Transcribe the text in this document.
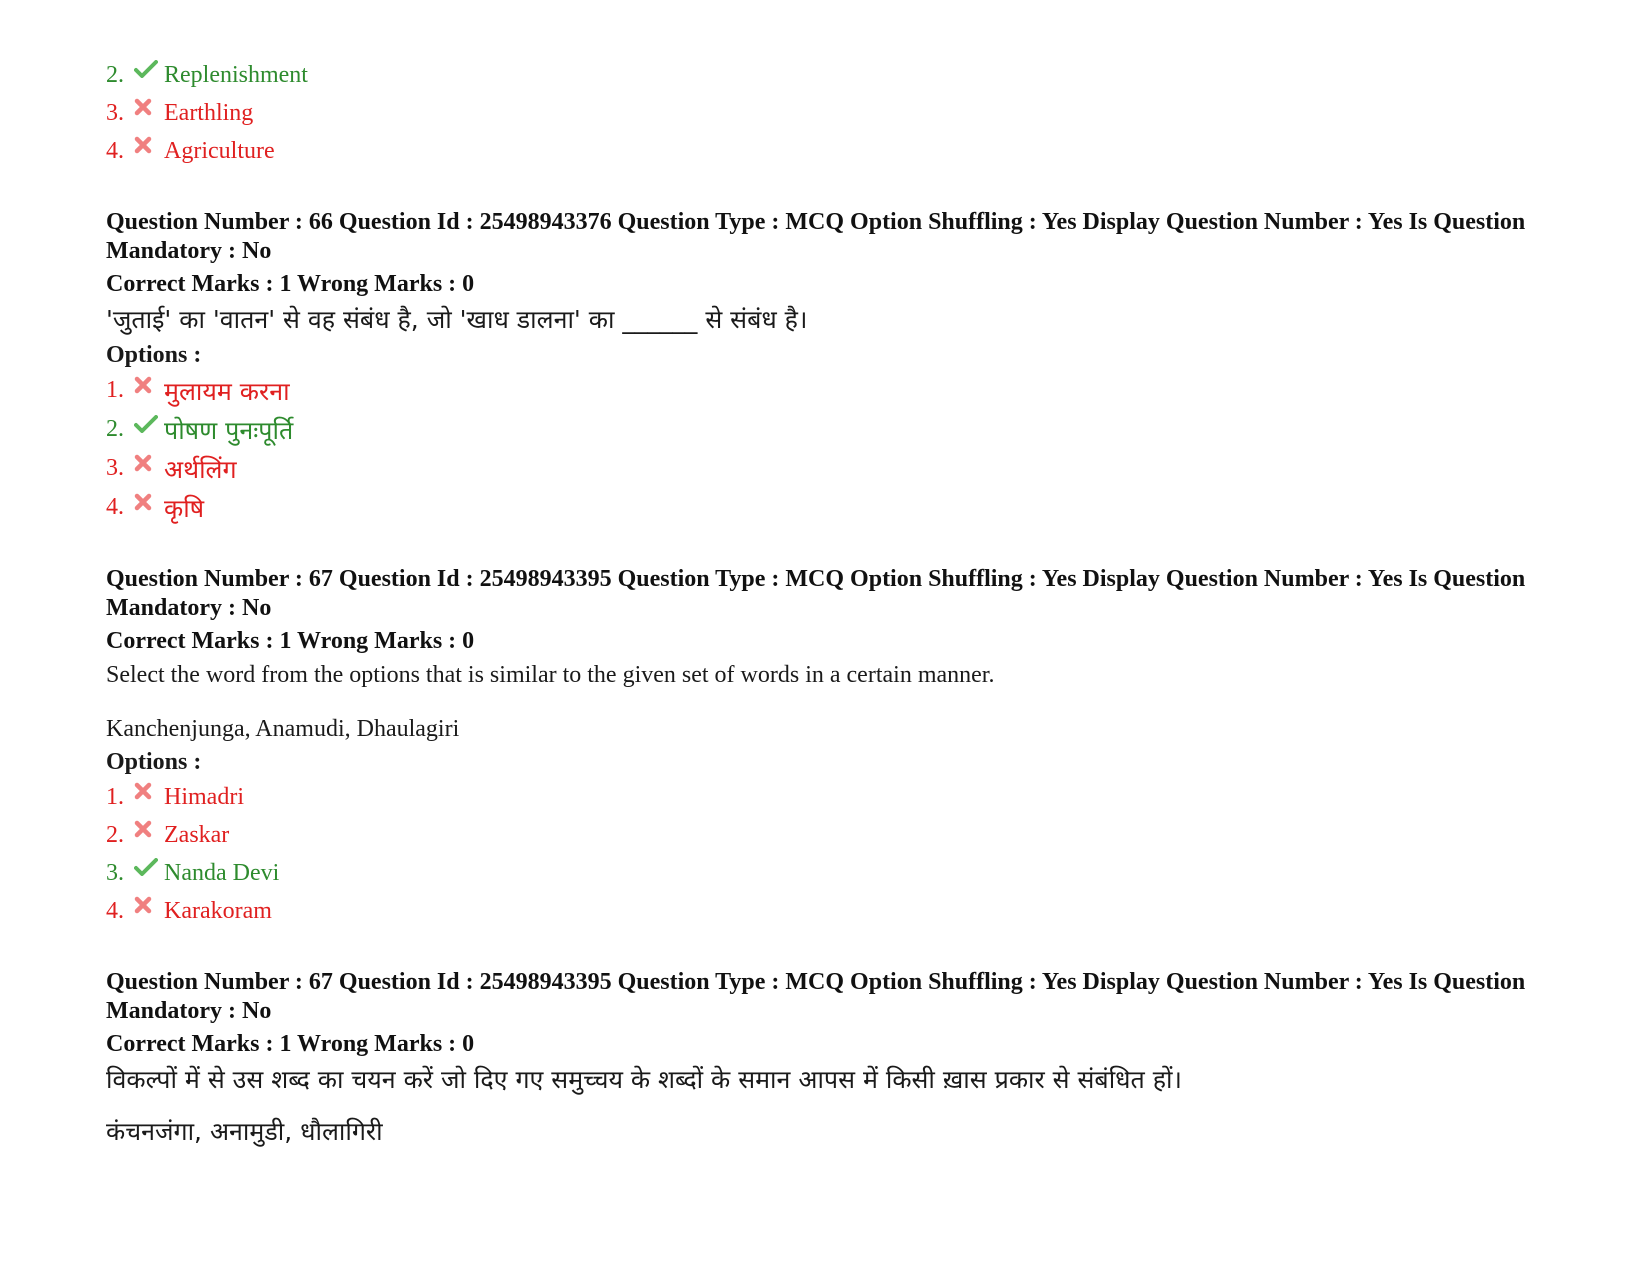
2.	Replenishment
3.	Earthling
4.	Agriculture
Question Number : 66 Question Id : 25498943376 Question Type : MCQ Option Shuffling : Yes Display Question Number : Yes Is Question Mandatory : No
Correct Marks : 1 Wrong Marks : 0
'जुताई' का 'वातन' से वह संबंध है, जो 'खाध डालना' का ______ से संबंध है।
Options :
1.	मुलायम करना
2.	पोषण पुनःपूर्ति
3.	अर्थलिंग
4.	कृषि
Question Number : 67 Question Id : 25498943395 Question Type : MCQ Option Shuffling : Yes Display Question Number : Yes Is Question Mandatory : No
Correct Marks : 1 Wrong Marks : 0
Select the word from the options that is similar to the given set of words in a certain manner.
Kanchenjunga, Anamudi, Dhaulagiri
Options :
1.	Himadri
2.	Zaskar
3.	Nanda Devi
4.	Karakoram
Question Number : 67 Question Id : 25498943395 Question Type : MCQ Option Shuffling : Yes Display Question Number : Yes Is Question Mandatory : No
Correct Marks : 1 Wrong Marks : 0
विकल्पों में से उस शब्द का चयन करें जो दिए गए समुच्चय के शब्दों के समान आपस में किसी ख़ास प्रकार से संबंधित हों।
कंचनजंगा, अनामुडी, धौलागिरी
